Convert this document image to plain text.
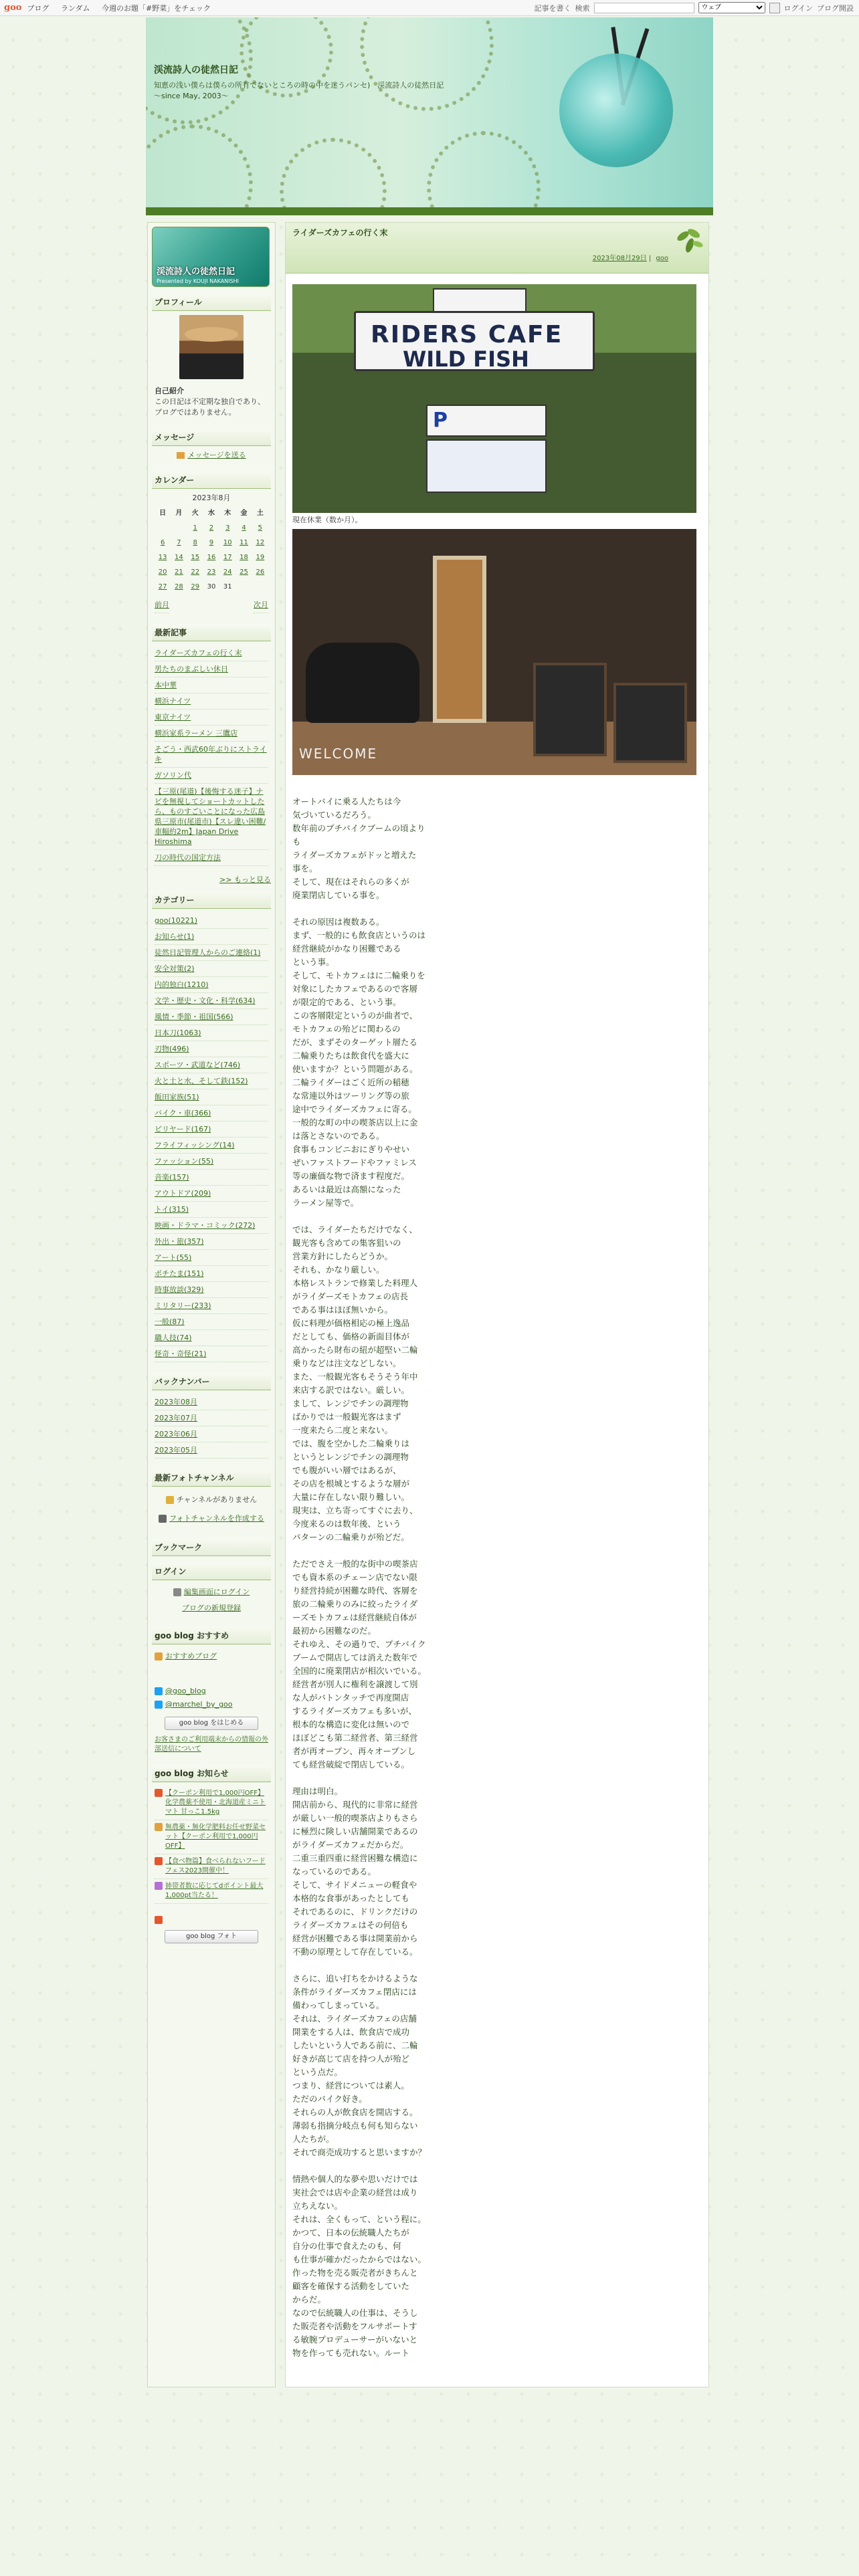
goo ブログ ランダム 今週のお題「#野菜」をチェック	記事を書く 検索
ウェブ	ログイン ブログ開設
渓流詩人の徒然日記

知恵の浅い僕らは僕らの所有でないところの時の中を迷うパンセ)　渓流詩人の徒然日記　～since May, 2003～

渓流詩人の徒然日記
Presented by KOUJI NAKANISHI
プロフィール
自己紹介
この日記は不定期な独自であり、ブログではありません。
メッセージ
メッセージを送る
カレンダー
2023年8月
日	月	火	水	木	金	土
		1	2	3	4	5
6	7	8	9	10	11	12
13	14	15	16	17	18	19
20	21	22	23	24	25	26
27	28	29	30	31		
前月	次月
最新記事
ライダーズカフェの行く末
男たちのまぶしい休日
本中華
横浜ナイツ
東京ナイツ
横浜家系ラーメン 三鷹店
そごう・西武60年ぶりにストライキ
ガソリン代
【三原(尾道)【後悔する迷子】ナビを無視してショートカットしたら、ものすごいことになった広島県三原市(尾道市)【スレ違い困難/車幅約2m】Japan Drive Hiroshima
刀の時代の国定方法
>> もっと見る
カテゴリー
goo(10221)
お知らせ(1)
徒然日記管理人からのご連絡(1)
安全対策(2)
内的独白(1210)
文学・歴史・文化・科学(634)
風情・季節・祖国(566)
日本刀(1063)
刃物(496)
スポーツ・武道など(746)
火と土と水、そして鉄(152)
飯田家族(51)
バイク・車(366)
ピリヤード(167)
フライフィッシング(14)
ファッション(55)
音楽(157)
アウトドア(209)
トイ(315)
映画・ドラマ・コミック(272)
外出・旅(357)
アート(55)
ポチたま(151)
時事放談(329)
ミリタリー(233)
一般(87)
職人技(74)
怪奇・奇怪(21)
バックナンバー
2023年08月
2023年07月
2023年06月
2023年05月
最新フォトチャンネル
チャンネルがありません
フォトチャンネルを作成する
ブックマーク
ログイン
編集画面にログイン
ブログの新規登録
goo blog おすすめ
おすすめブログ
@goo_blog
@marchel_by_goo
goo blog をはじめる
お客さまのご利用端末からの情報の外部送信について
goo blog お知らせ
【クーポン利用で1,000円OFF】化学農薬不使用・北海道産ミニトマト 甘っこ1.5kg
無農薬・無化学肥料お任せ野菜セット【クーポン利用で1,000円OFF】
【食べ物篇】食べられないフードフェス2023開催中！
姉帯者数に応じてdポイント最大1,000pt当たる！
goo blog フォト
ライダーズカフェの行く末
2023年08月29日 | goo
RIDERS CAFE
WILD FISH
P
現在休業（数か月）。
WELCOME

オートバイに乗る人たちは今
気づいているだろう。
数年前のプチバイクブームの頃よりも
ライダーズカフェがドッと増えた
事を。
そして、現在はそれらの多くが
廃業閉店している事を。

それの原因は複数ある。
まず、一般的にも飲食店というのは
経営継続がかなり困難である
という事。
そして、モトカフェはに二輪乗りを
対象にしたカフェであるので客層
が限定的である、という事。
この客層限定というのが曲者で、
モトカフェの殆どに関わるの
だが、まずそのターゲット層たる
二輪乗りたちは飲食代を盛大に
使いますか？という問題がある。
二輪ライダーはごく近所の稲穂
な常連以外はツーリング等の旅
途中でライダーズカフェに寄る。
一般的な町の中の喫茶店以上に金
は落とさないのである。
食事もコンビニおにぎりやせい
ぜいファストフードやファミレス
等の廉価な物で済ます程度だ。
あるいは最近は高額になった
ラーメン屋等で。

では、ライダーたちだけでなく、
観光客も含めての集客狙いの
営業方針にしたらどうか。
それも、かなり厳しい。
本格レストランで修業した料理人
がライダーズモトカフェの店長
である事はほぼ無いから。
仮に料理が価格相応の極上逸品
だとしても、価格の新面目体が
高かったら財布の紐が超堅い二輪
乗りなどは注文などしない。
また、一般観光客もそうそう年中
来店する訳ではない。厳しい。
まして、レンジでチンの調理物
ばかりでは一般観光客はまず
一度来たら二度と来ない。
では、腹を空かした二輪乗りは
というとレンジでチンの調理物
でも腹がいい層ではあるが、
その店を根城とするような層が
大量に存在しない限り難しい。
現実は、立ち寄ってすぐに去り、
今度来るのは数年後、という
パターンの二輪乗りが殆どだ。

ただでさえ一般的な街中の喫茶店
でも資本系のチェーン店でない限
り経営持続が困難な時代、客層を
旅の二輪乗りのみに絞ったライダ
ーズモトカフェは経営継続自体が
最初から困難なのだ。
それゆえ、その過りで、プチバイク
ブームで開店しては消えた数年で
全国的に廃業閉店が相次いでいる。
経営者が別人に権利を譲渡して別
な人がバトンタッチで再度開店
するライダーズカフェも多いが、
根本的な構造に変化は無いので
ほぼどこも第二経営者、第三経営
者が再オープン、再々オープンし
ても経営破綻で閉店している。

理由は明白。
開店前から、現代的に非常に経営
が厳しい一般的喫茶店よりもさら
に極烈に険しい店舗開業であるの
がライダーズカフェだからだ。
二重三重四重に経営困難な構造に
なっているのである。
そして、サイドメニューの軽食や
本格的な食事があったとしても
それであるのに、ドリンクだけの
ライダーズカフェはその何倍も
経営が困難である事は開業前から
不動の原理として存在している。

さらに、追い打ちをかけるような
条件がライダーズカフェ閉店には
備わってしまっている。
それは、ライダーズカフェの店舗
開業をする人は、飲食店で成功
したいという人である前に、二輪
好きが高じて店を持つ人が殆ど
という点だ。
つまり、経営については素人。
ただのバイク好き。
それらの人が飲食店を開店する。
薄弱も指摘分岐点も何も知らない
人たちが。
それで商売成功すると思いますか？

情熱や個人的な夢や思いだけでは
実社会では店や企業の経営は成り
立ちえない。
それは、全くもって、という程に。
かつて、日本の伝統職人たちが
自分の仕事で食えたのも、何
も仕事が確かだったからではない。
作った物を売る販売者がきちんと
顧客を確保する活動をしていた
からだ。
なので伝統職人の仕事は、そうし
た販売者や活動をフルサポートす
る敏腕プロデューサーがいないと
物を作っても売れない。ルート
